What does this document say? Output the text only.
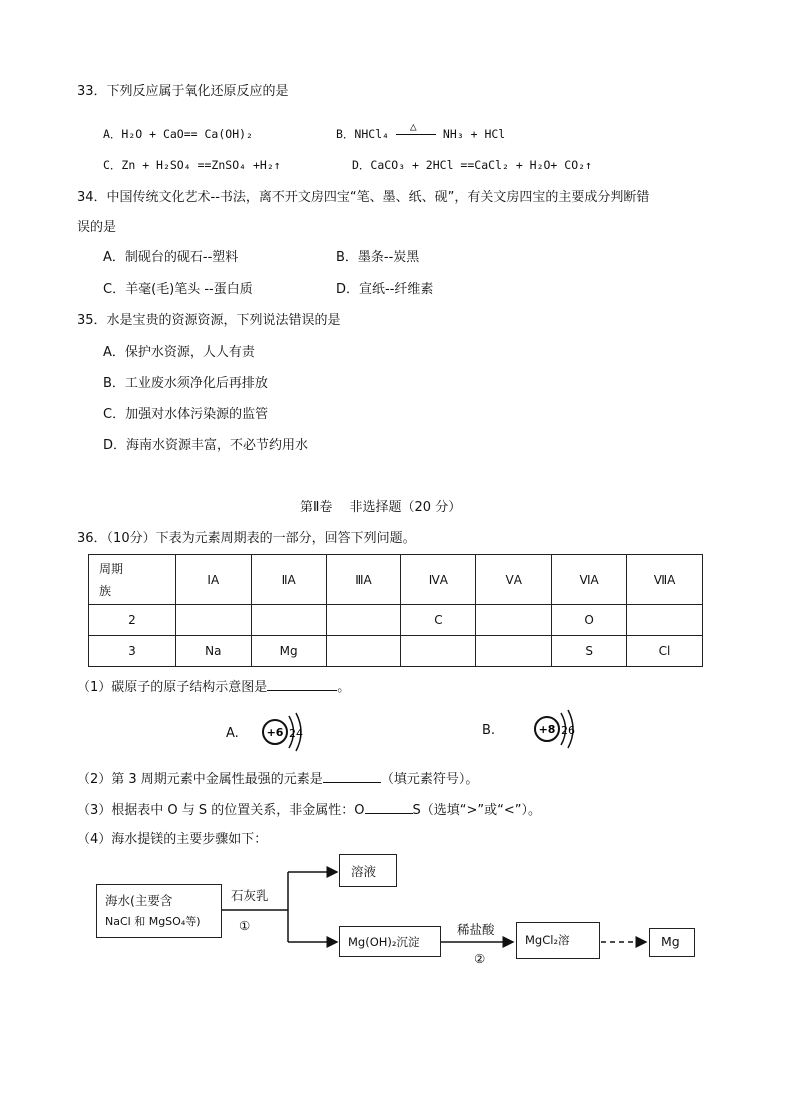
33．下列反应属于氧化还原反应的是
A．H₂O + CaO== Ca(OH)₂	B．NHCl₄
△
NH₃ + HCl
C．Zn + H₂SO₄ ==ZnSO₄ +H₂↑	D．CaCO₃ + 2HCl ==CaCl₂ + H₂O+ CO₂↑
34．中国传统文化艺术--书法，离不开文房四宝“笔、墨、纸、砚”，有关文房四宝的主要成分判断错
误的是
A．制砚台的砚石--塑料	B．墨条--炭黑
C．羊毫(毛)笔头 --蛋白质	D．宣纸--纤维素
35．水是宝贵的资源资源，下列说法错误的是
A．保护水资源，人人有责
B．工业废水须净化后再排放
C．加强对水体污染源的监管
D．海南水资源丰富，不必节约用水
第Ⅱ卷　 非选择题（20 分）
36．（10分）下表为元素周期表的一部分，回答下列问题。
周期
族	ⅠA	ⅡA	ⅢA	ⅣA	ⅤA	ⅥA	ⅦA
2				C		O	
3	Na	Mg				S	Cl
（1）碳原子的原子结构示意图是	。
A.	+6 2 4	B.	+8 2 6
（2）第 3 周期元素中金属性最强的元素是	（填元素符号）。
（3）根据表中 O 与 S 的位置关系，非金属性：O	S（选填“>”或“<”）。
（4）海水提镁的主要步骤如下：
海水(主要含
NaCl 和 MgSO₄等)
石灰乳
①
溶液
Mg(OH)₂沉淀
稀盐酸
②
MgCl₂溶	Mg
